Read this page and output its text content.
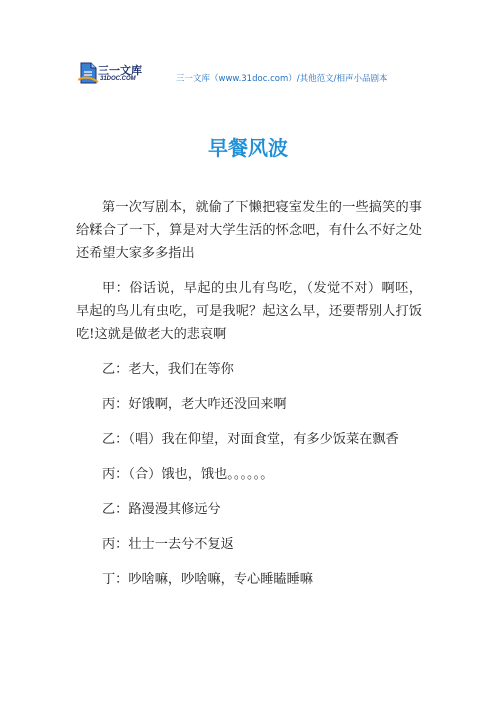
三一文库
31DOC.COM	三一文库（www.31doc.com）/其他范文/相声小品剧本
早餐风波

第一次写剧本，就偷了下懒把寝室发生的一些搞笑的事给糅合了一下，算是对大学生活的怀念吧，有什么不好之处还希望大家多多指出

甲：俗话说，早起的虫儿有鸟吃，（发觉不对）啊呸，早起的鸟儿有虫吃，可是我呢？起这么早，还要帮别人打饭吃!这就是做老大的悲哀啊

乙：老大，我们在等你

丙：好饿啊，老大咋还没回来啊

乙：（唱）我在仰望，对面食堂，有多少饭菜在飘香

丙：（合）饿也，饿也。。。。。。

乙：路漫漫其修远兮

丙：壮士一去兮不复返

丁：吵啥嘛，吵啥嘛，专心睡瞌睡嘛
